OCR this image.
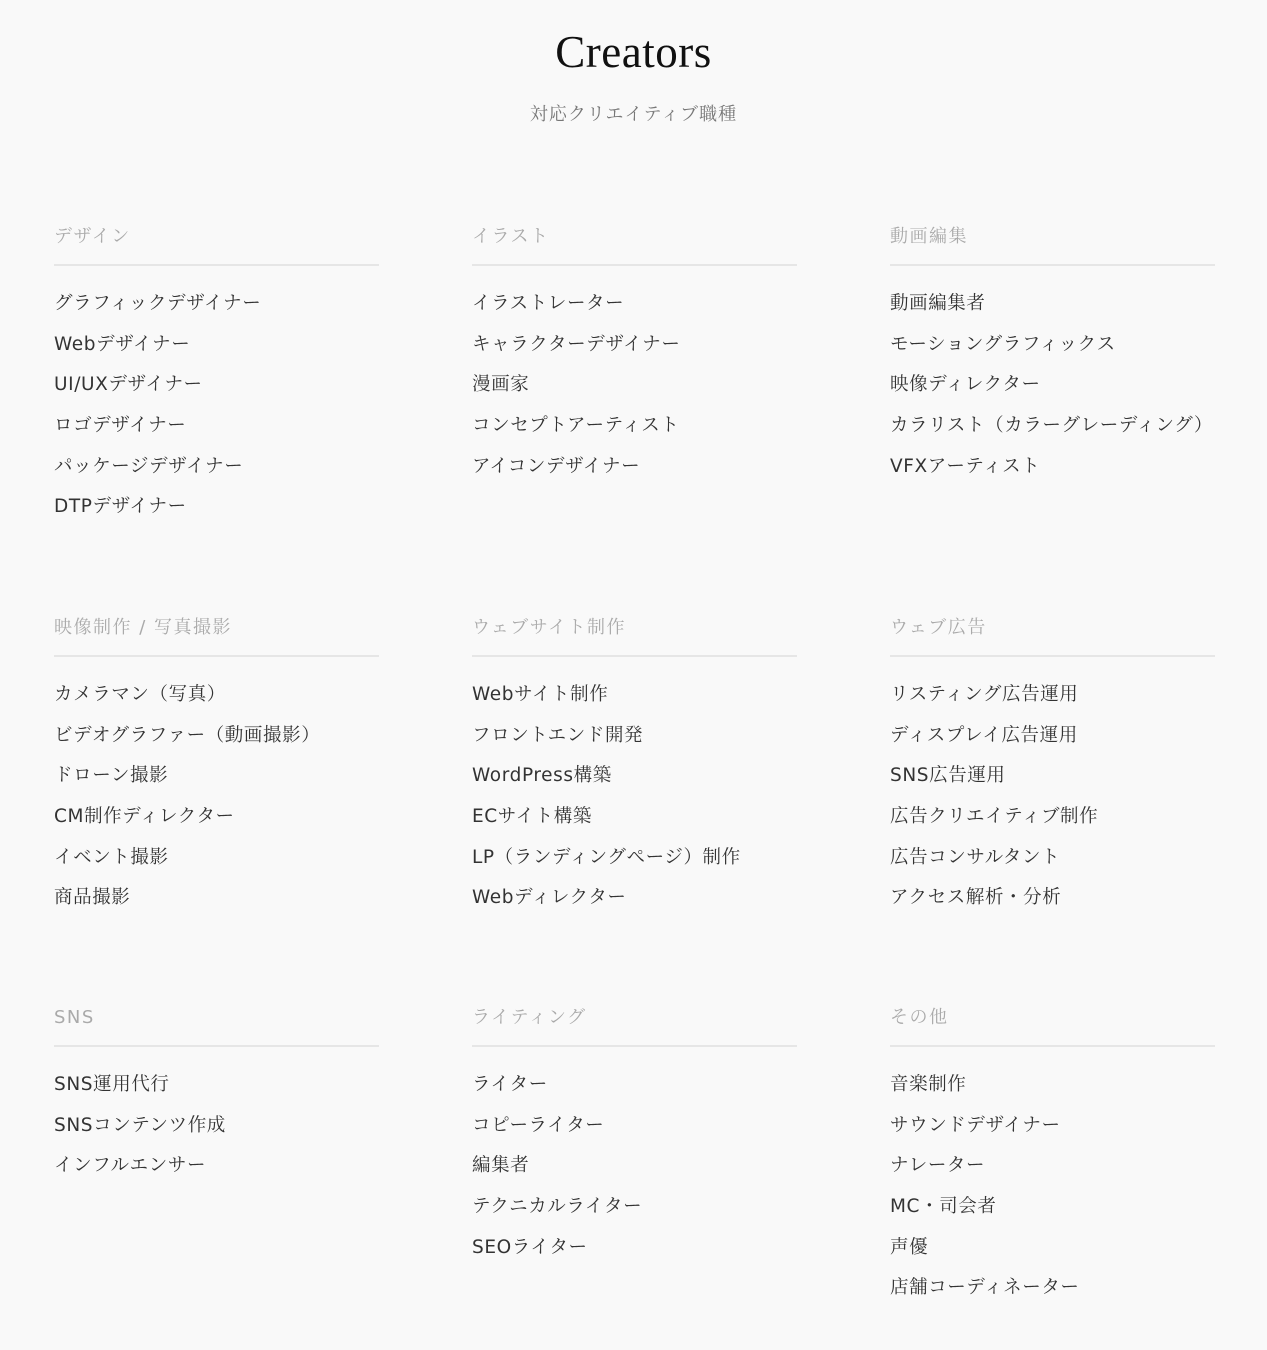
Creators
対応クリエイティブ職種
デザイン
グラフィックデザイナー
Webデザイナー
UI/UXデザイナー
ロゴデザイナー
パッケージデザイナー
DTPデザイナー
イラスト
イラストレーター
キャラクターデザイナー
漫画家
コンセプトアーティスト
アイコンデザイナー
動画編集
動画編集者
モーショングラフィックス
映像ディレクター
カラリスト（カラーグレーディング）
VFXアーティスト
映像制作 / 写真撮影
カメラマン（写真）
ビデオグラファー（動画撮影）
ドローン撮影
CM制作ディレクター
イベント撮影
商品撮影
ウェブサイト制作
Webサイト制作
フロントエンド開発
WordPress構築
ECサイト構築
LP（ランディングページ）制作
Webディレクター
ウェブ広告
リスティング広告運用
ディスプレイ広告運用
SNS広告運用
広告クリエイティブ制作
広告コンサルタント
アクセス解析・分析
SNS
SNS運用代行
SNSコンテンツ作成
インフルエンサー
ライティング
ライター
コピーライター
編集者
テクニカルライター
SEOライター
その他
音楽制作
サウンドデザイナー
ナレーター
MC・司会者
声優
店舗コーディネーター
